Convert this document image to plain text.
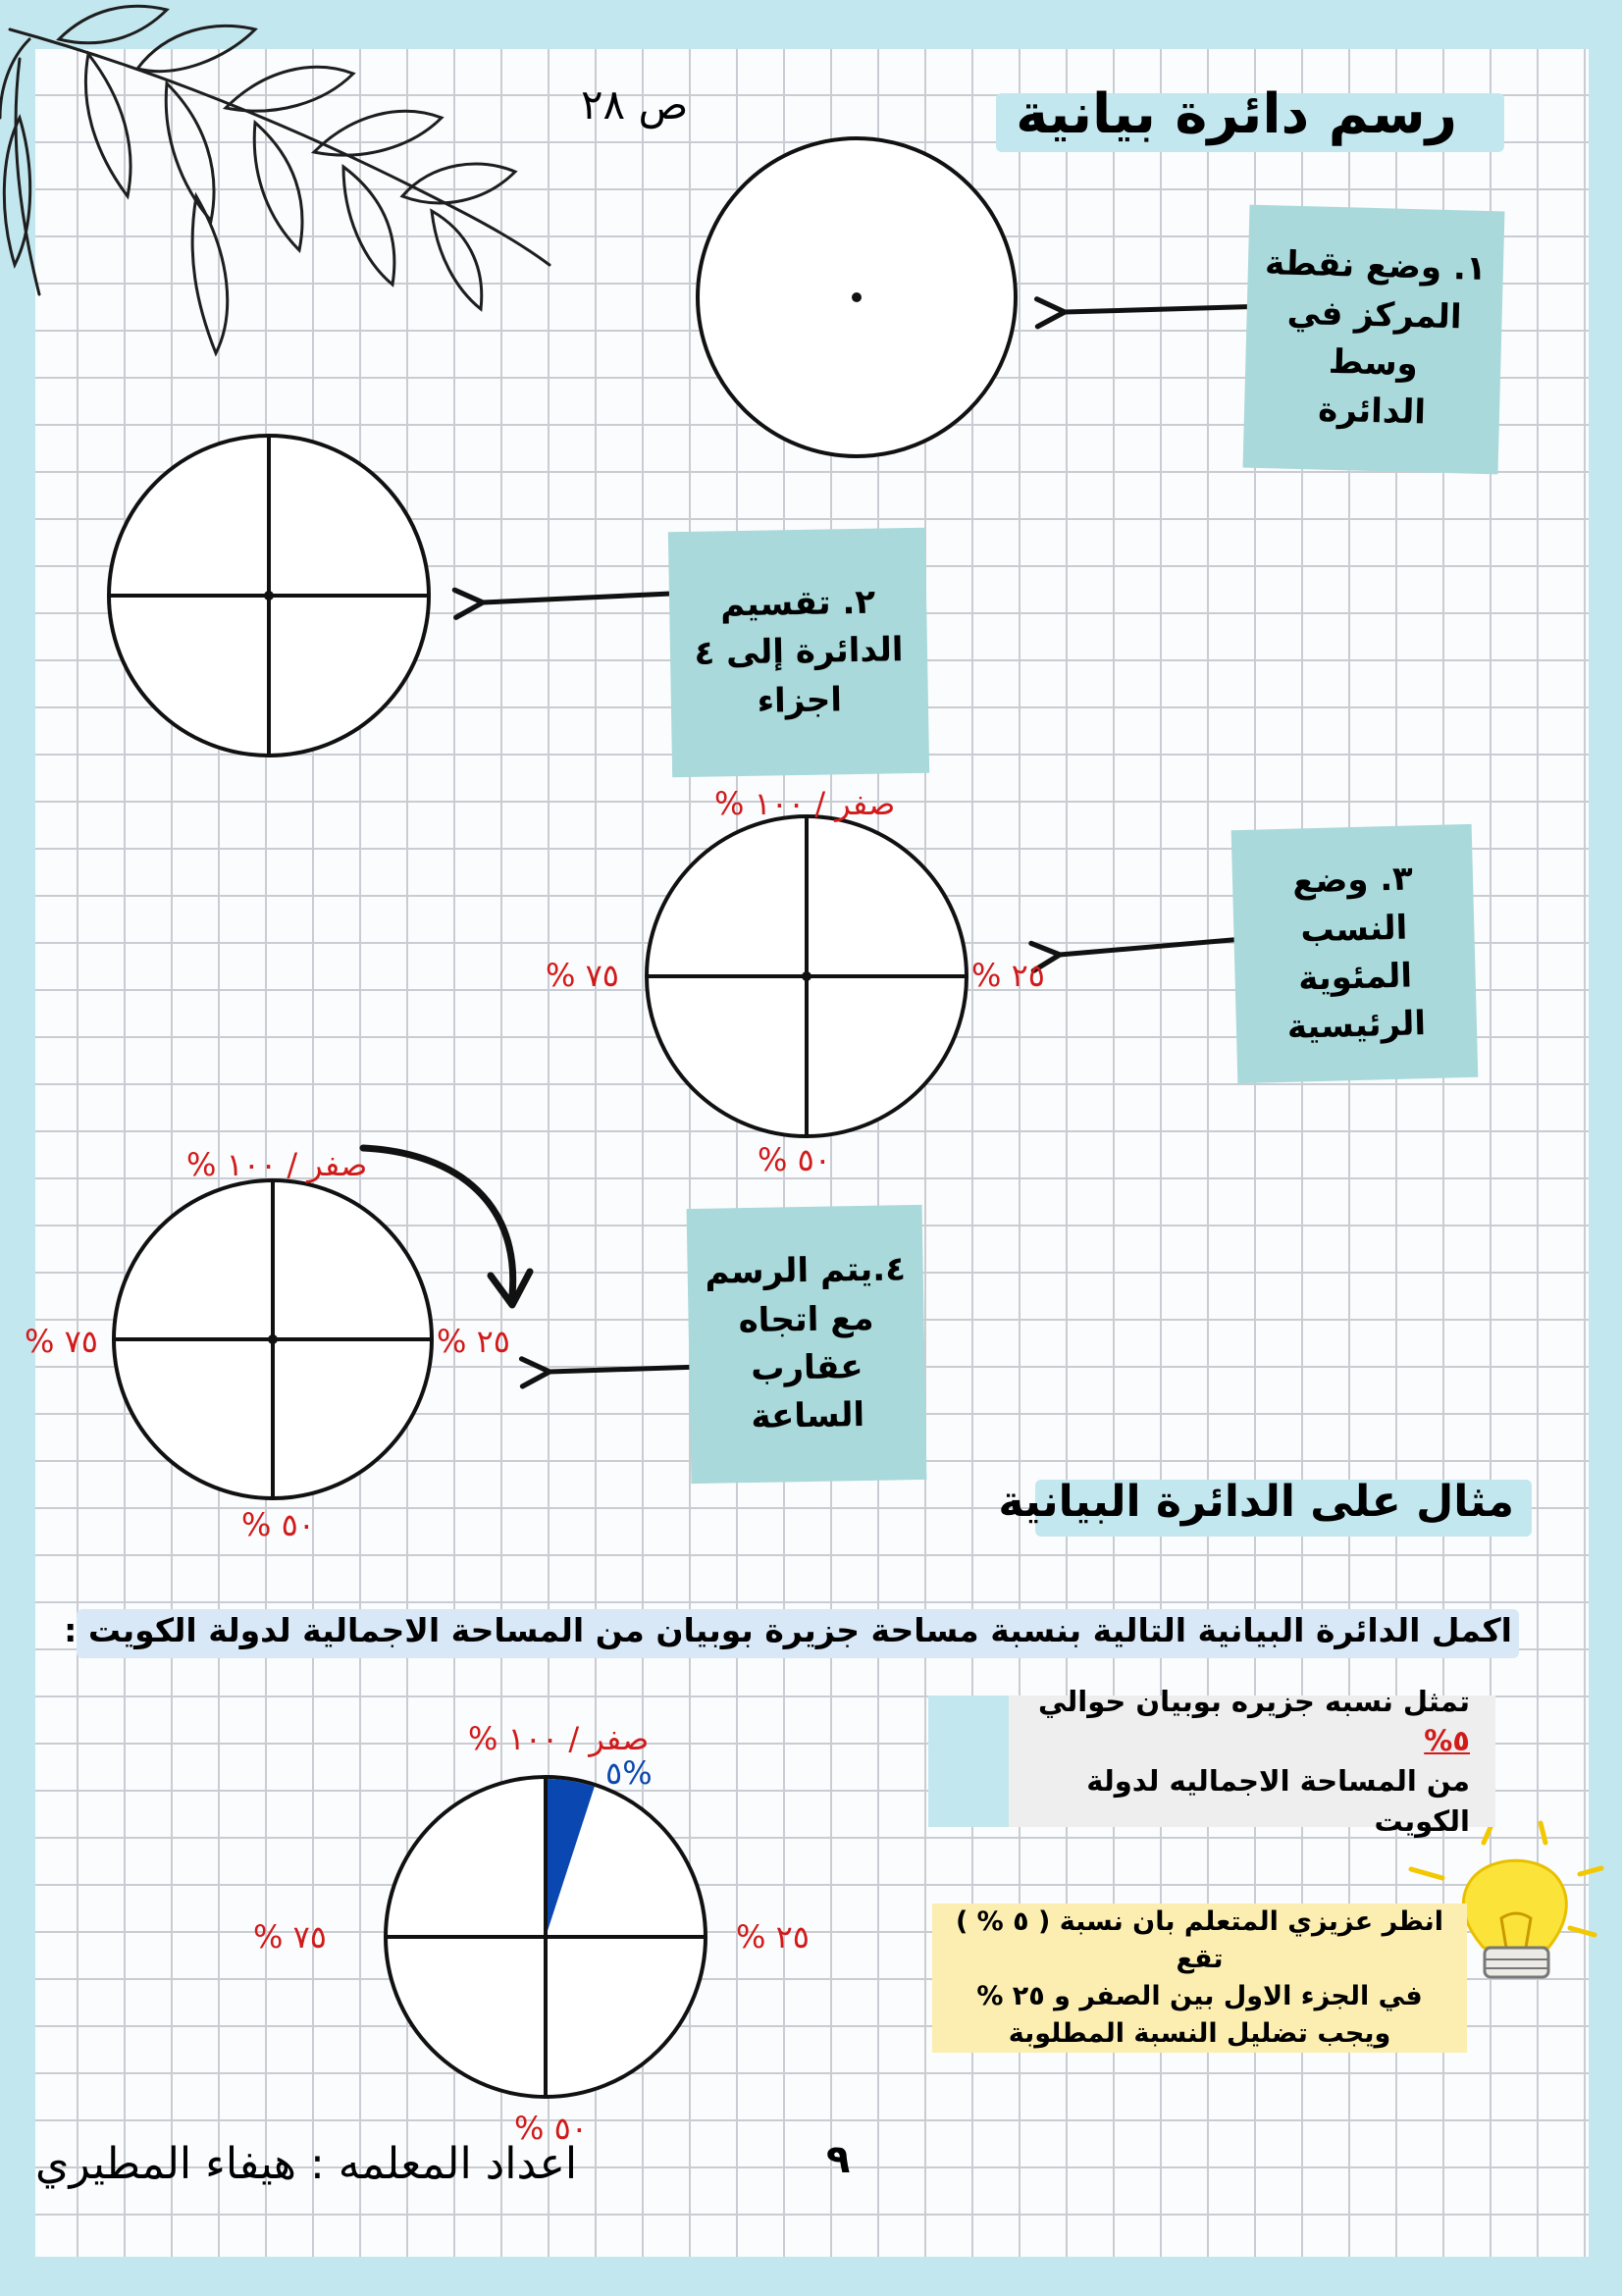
رسم دائرة بيانية
ص ٢٨
١. وضع نقطة
المركز في وسط
الدائرة
٢. تقسيم
الدائرة إلى ٤
اجزاء
٣. وضع
النسب
المئوية
الرئيسية
٤.يتم الرسم
مع اتجاه
عقارب
الساعة
صفر / ١٠٠ %
٢٥ %
٧٥ %
٥٠ %
صفر / ١٠٠ %
٢٥ %
٧٥ %
٥٠ %	مثال على الدائرة البيانية
اكمل الدائرة البيانية التالية بنسبة مساحة جزيرة بوبيان من المساحة الاجمالية لدولة الكويت :
صفر / ١٠٠ %
%٥
٢٥ %
٧٥ %
٥٠ %
تمثل نسبه جزيره بوبيان حوالي ٥%
من المساحة الاجماليه لدولة الكويت
انظر عزيزي المتعلم بان نسبة ( ٥ % ) تقع
في الجزء الاول بين الصفر و ٢٥ %
ويجب تضليل النسبة المطلوبة
اعداد المعلمه : هيفاء المطيري	٩
